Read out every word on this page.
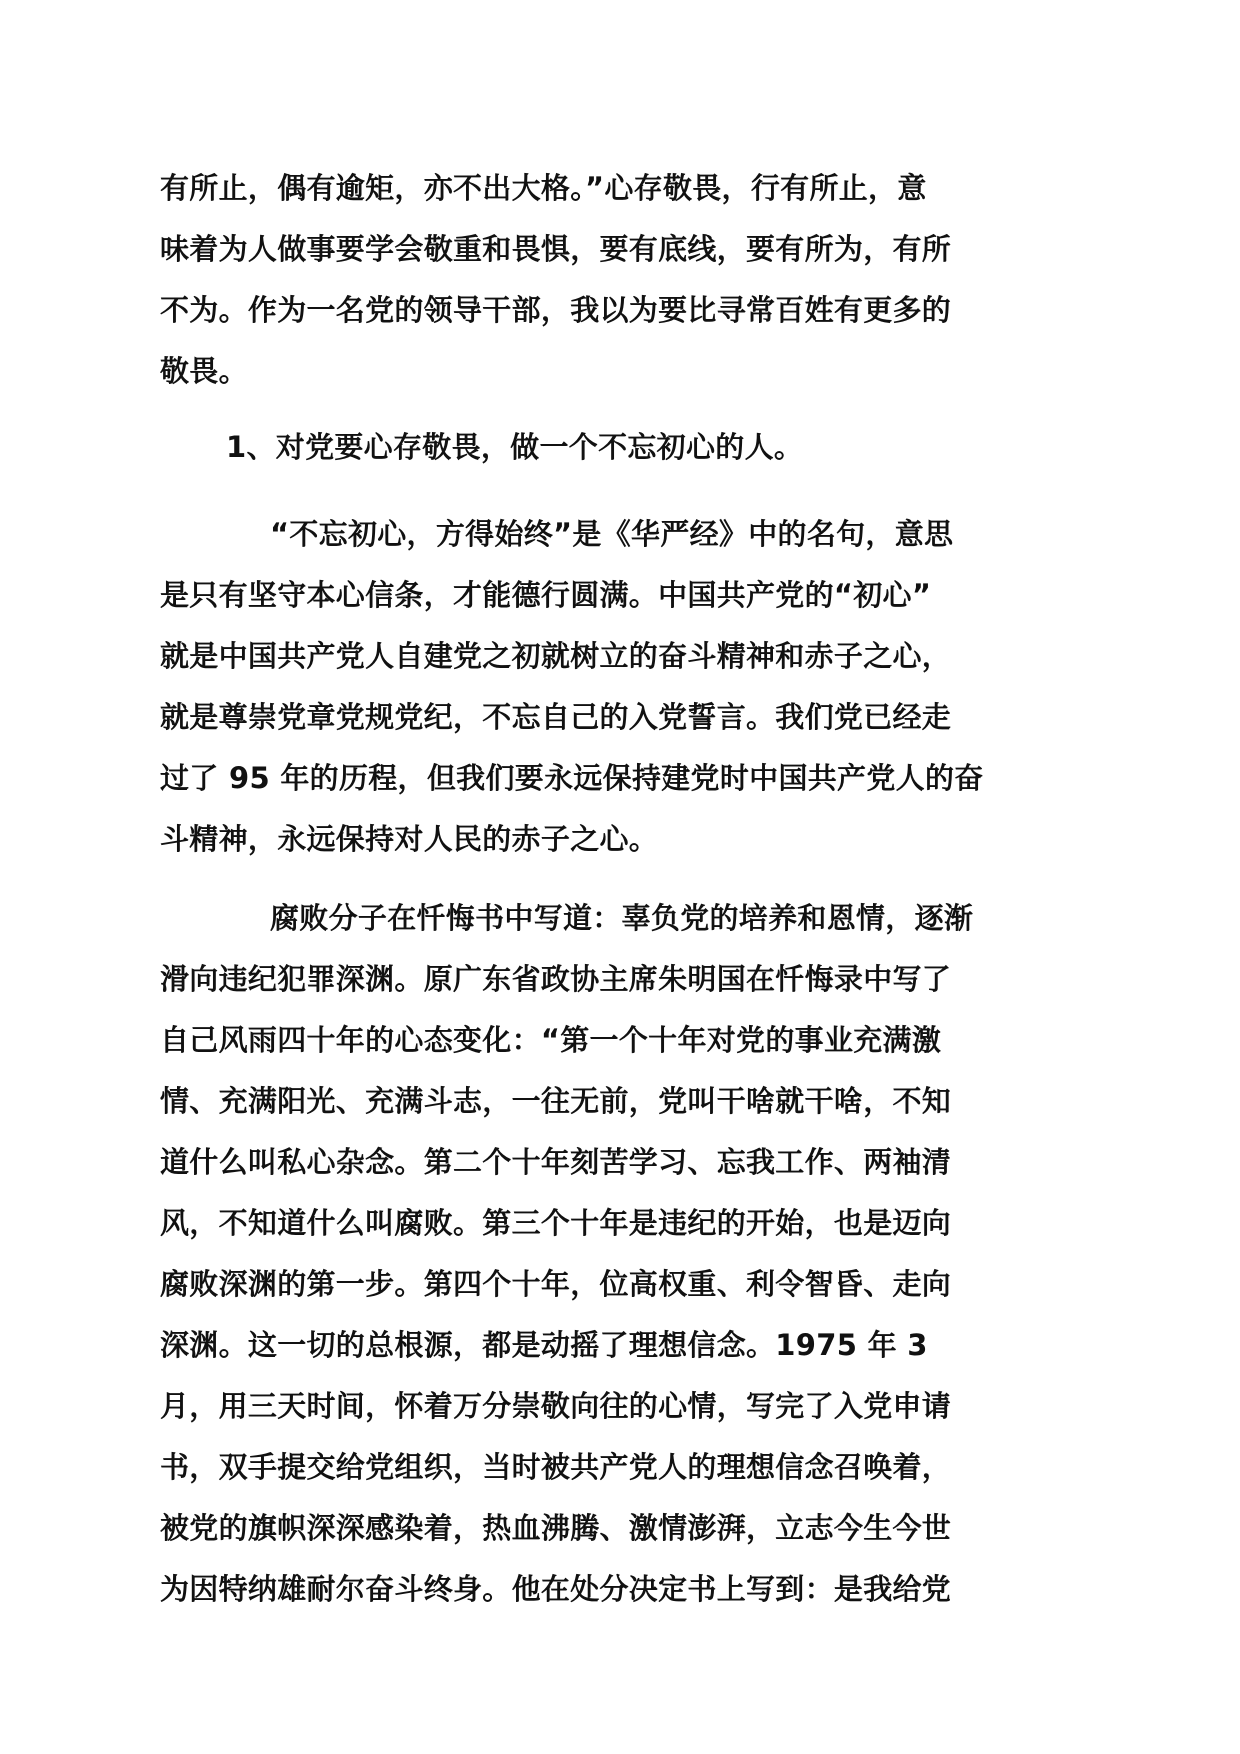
有所止，偶有逾矩，亦不出大格。”心存敬畏，行有所止，意
味着为人做事要学会敬重和畏惧，要有底线，要有所为，有所
不为。作为一名党的领导干部，我以为要比寻常百姓有更多的
敬畏。
1、对党要心存敬畏，做一个不忘初心的人。
“不忘初心，方得始终”是《华严经》中的名句，意思
是只有坚守本心信条，才能德行圆满。中国共产党的“初心”
就是中国共产党人自建党之初就树立的奋斗精神和赤子之心，
就是尊崇党章党规党纪，不忘自己的入党誓言。我们党已经走
过了 95 年的历程，但我们要永远保持建党时中国共产党人的奋
斗精神，永远保持对人民的赤子之心。
腐败分子在忏悔书中写道：辜负党的培养和恩情，逐渐
滑向违纪犯罪深渊。原广东省政协主席朱明国在忏悔录中写了
自己风雨四十年的心态变化：“第一个十年对党的事业充满激
情、充满阳光、充满斗志，一往无前，党叫干啥就干啥，不知
道什么叫私心杂念。第二个十年刻苦学习、忘我工作、两袖清
风，不知道什么叫腐败。第三个十年是违纪的开始，也是迈向
腐败深渊的第一步。第四个十年，位高权重、利令智昏、走向
深渊。这一切的总根源，都是动摇了理想信念。1975 年 3
月，用三天时间，怀着万分崇敬向往的心情，写完了入党申请
书，双手提交给党组织，当时被共产党人的理想信念召唤着，
被党的旗帜深深感染着，热血沸腾、激情澎湃，立志今生今世
为因特纳雄耐尔奋斗终身。他在处分决定书上写到：是我给党
